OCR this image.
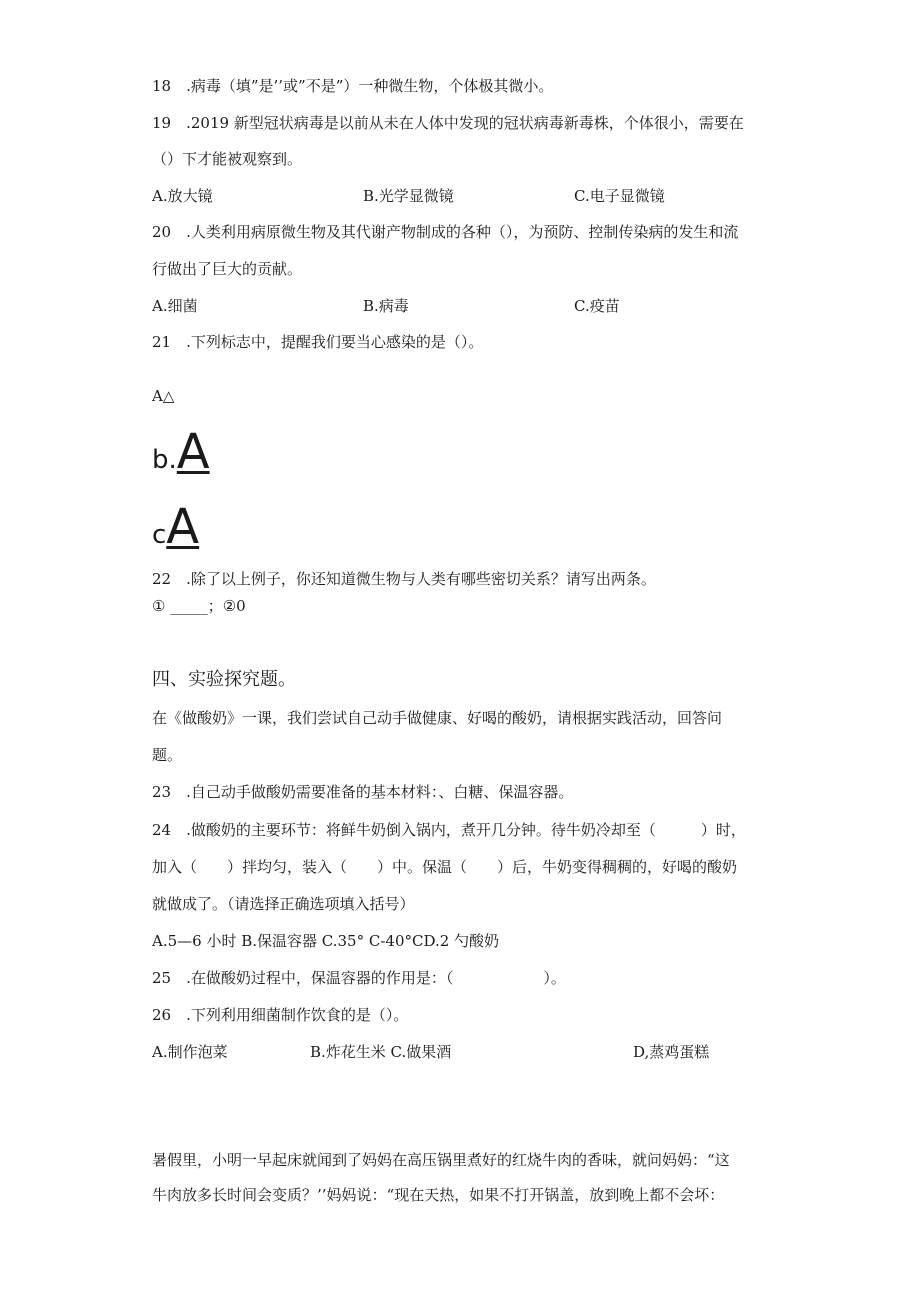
18　.病毒（填”是’’或”不是”）一种微生物，个体极其微小。
19　.2019 新型冠状病毒是以前从未在人体中发现的冠状病毒新毒株，个体很小，需要在
（）下才能被观察到。
A.放大镜	B.光学显微镜	C.电子显微镜
20　.人类利用病原微生物及其代谢产物制成的各种（），为预防、控制传染病的发生和流
行做出了巨大的贡献。
A.细菌	B.病毒	C.疫苗
21　.下列标志中，提醒我们要当心感染的是（）。
A△
b.A
cA
22　.除了以上例子，你还知道微生物与人类有哪些密切关系？请写出两条。
① _____；②0
四、实验探究题。
在《做酸奶》一课，我们尝试自己动手做健康、好喝的酸奶，请根据实践活动，回答问
题。
23　.自己动手做酸奶需要准备的基本材料：、白糖、保温容器。
24　.做酸奶的主要环节：将鲜牛奶倒入锅内，煮开几分钟。待牛奶冷却至（　　　）时，
加入（　　）拌均匀，装入（　　）中。保温（　　）后，牛奶变得稠稠的，好喝的酸奶
就做成了。（请选择正确选项填入括号）
A.5—6 小时 B.保温容器 C.35° C-40°CD.2 勺酸奶
25　.在做酸奶过程中，保温容器的作用是：（　　　　　　）。
26　.下列利用细菌制作饮食的是（）。
A.制作泡菜	B.炸花生米 C.做果酒	D,蒸鸡蛋糕
暑假里，小明一早起床就闻到了妈妈在高压锅里煮好的红烧牛肉的香味，就问妈妈：“这
牛肉放多长时间会变质？’’妈妈说：“现在天热，如果不打开锅盖，放到晚上都不会坏：
